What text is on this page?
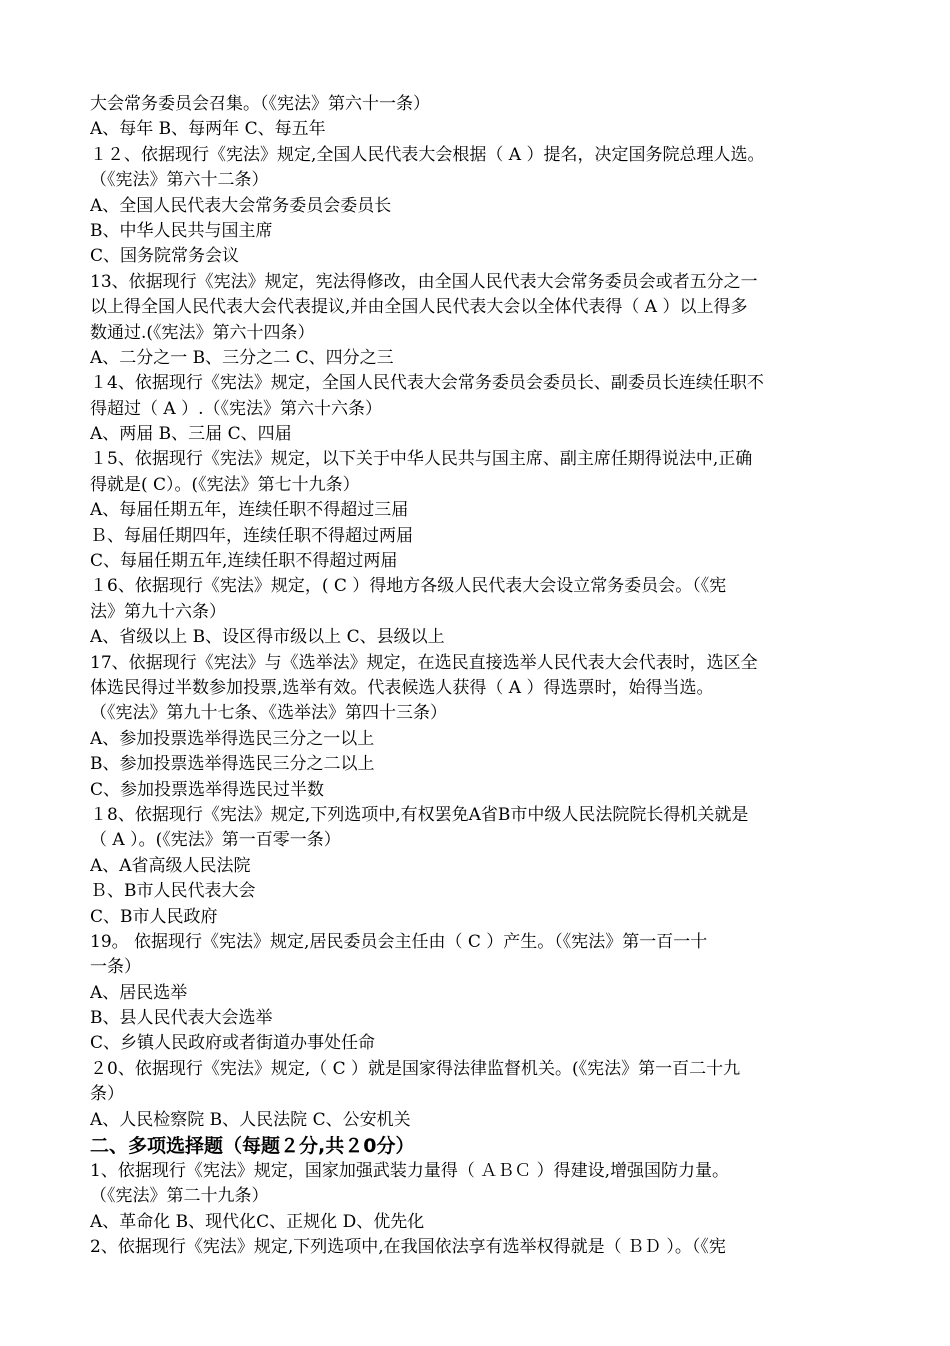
大会常务委员会召集。（《宪法》第六十一条）
A、每年 B、每两年 C、每五年
１２、依据现行《宪法》规定,全国人民代表大会根据（ A ）提名，决定国务院总理人选。
（《宪法》第六十二条）
A、全国人民代表大会常务委员会委员长
B、中华人民共与国主席
C、国务院常务会议
13、依据现行《宪法》规定，宪法得修改，由全国人民代表大会常务委员会或者五分之一
以上得全国人民代表大会代表提议,并由全国人民代表大会以全体代表得（ A ）以上得多
数通过.(《宪法》第六十四条）
A、二分之一 B、三分之二 C、四分之三
１4、依据现行《宪法》规定，全国人民代表大会常务委员会委员长、副委员长连续任职不
得超过（ A ）.（《宪法》第六十六条）
A、两届 B、三届 C、四届
１5、依据现行《宪法》规定，以下关于中华人民共与国主席、副主席任期得说法中,正确
得就是( C）。(《宪法》第七十九条）
A、每届任期五年，连续任职不得超过三届
Ｂ、每届任期四年，连续任职不得超过两届
C、每届任期五年,连续任职不得超过两届
１6、依据现行《宪法》规定，( C ）得地方各级人民代表大会设立常务委员会。（《宪
法》第九十六条）
A、省级以上 B、设区得市级以上 C、县级以上
17、依据现行《宪法》与《选举法》规定，在选民直接选举人民代表大会代表时，选区全
体选民得过半数参加投票,选举有效。代表候选人获得（ A ）得选票时，始得当选。
（《宪法》第九十七条、《选举法》第四十三条）
A、参加投票选举得选民三分之一以上
B、参加投票选举得选民三分之二以上
C、参加投票选举得选民过半数
１8、依据现行《宪法》规定,下列选项中,有权罢免A省B市中级人民法院院长得机关就是
（ A ）。(《宪法》第一百零一条）
A、A省高级人民法院
Ｂ、B市人民代表大会
C、B市人民政府
19。 依据现行《宪法》规定,居民委员会主任由（ C ）产生。（《宪法》第一百一十
一条）
A、居民选举
B、县人民代表大会选举
C、乡镇人民政府或者街道办事处任命
２0、依据现行《宪法》规定,（ C ）就是国家得法律监督机关。(《宪法》第一百二十九
条）
A、人民检察院 B、人民法院 C、公安机关
二、多项选择题（每题２分,共２0分）
1、依据现行《宪法》规定，国家加强武装力量得（ ＡＢＣ ）得建设,增强国防力量。
（《宪法》第二十九条）
A、革命化 B、现代化C、正规化 D、优先化
2、依据现行《宪法》规定,下列选项中,在我国依法享有选举权得就是（ ＢＤ ）。（《宪
